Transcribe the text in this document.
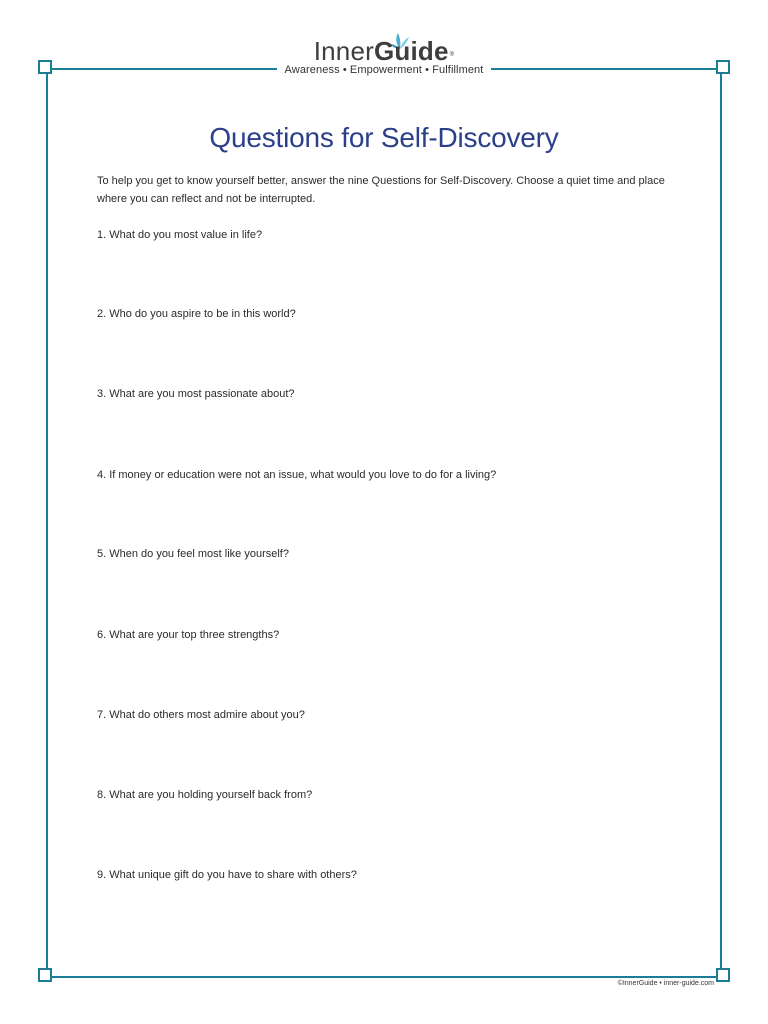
InnerGuide®
Awareness • Empowerment • Fulfillment
Questions for Self-Discovery
To help you get to know yourself better, answer the nine Questions for Self-Discovery. Choose a quiet time and place where you can reflect and not be interrupted.
1. What do you most value in life?
2. Who do you aspire to be in this world?
3. What are you most passionate about?
4. If money or education were not an issue, what would you love to do for a living?
5. When do you feel most like yourself?
6. What are your top three strengths?
7. What do others most admire about you?
8. What are you holding yourself back from?
9. What unique gift do you have to share with others?
©InnerGuide • inner-guide.com
